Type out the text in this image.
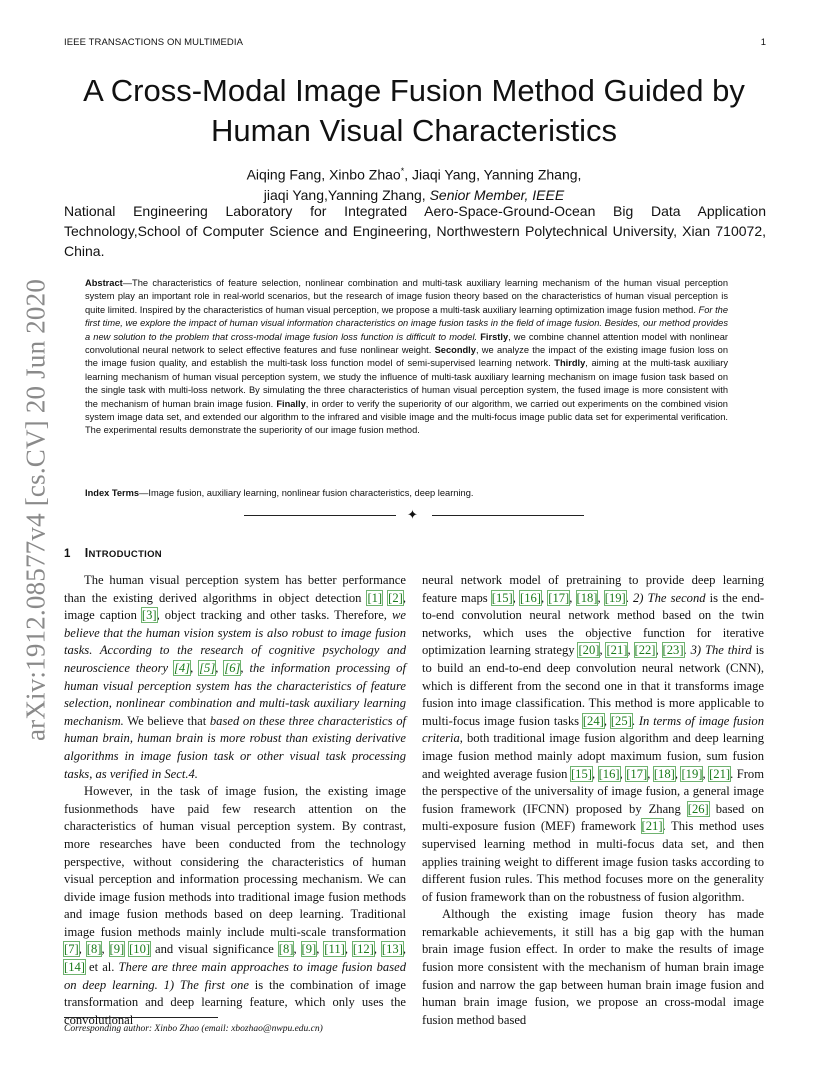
IEEE TRANSACTIONS ON MULTIMEDIA	1
arXiv:1912.08577v4 [cs.CV] 20 Jun 2020
A Cross-Modal Image Fusion Method Guided by Human Visual Characteristics
Aiqing Fang, Xinbo Zhao*, Jiaqi Yang, Yanning Zhang,
jiaqi Yang,Yanning Zhang, Senior Member, IEEE
National Engineering Laboratory for Integrated Aero-Space-Ground-Ocean Big Data Application Technology,School of Computer Science and Engineering, Northwestern Polytechnical University, Xian 710072, China.
Abstract—The characteristics of feature selection, nonlinear combination and multi-task auxiliary learning mechanism of the human visual perception system play an important role in real-world scenarios, but the research of image fusion theory based on the characteristics of human visual perception is quite limited. Inspired by the characteristics of human visual perception, we propose a multi-task auxiliary learning optimization image fusion method. For the first time, we explore the impact of human visual information characteristics on image fusion tasks in the field of image fusion. Besides, our method provides a new solution to the problem that cross-modal image fusion loss function is difficult to model. Firstly, we combine channel attention model with nonlinear convolutional neural network to select effective features and fuse nonlinear weight. Secondly, we analyze the impact of the existing image fusion loss on the image fusion quality, and establish the multi-task loss function model of semi-supervised learning network. Thirdly, aiming at the multi-task auxiliary learning mechanism of human visual perception system, we study the influence of multi-task auxiliary learning mechanism on image fusion task based on the single task with multi-loss network. By simulating the three characteristics of human visual perception system, the fused image is more consistent with the mechanism of human brain image fusion. Finally, in order to verify the superiority of our algorithm, we carried out experiments on the combined vision system image data set, and extended our algorithm to the infrared and visible image and the multi-focus image public data set for experimental verification. The experimental results demonstrate the superiority of our image fusion method.
Index Terms—Image fusion, auxiliary learning, nonlinear fusion characteristics, deep learning.
✦
1 INTRODUCTION

The human visual perception system has better performance than the existing derived algorithms in object detection [1] [2], image caption [3], object tracking and other tasks. Therefore, we believe that the human vision system is also robust to image fusion tasks. According to the research of cognitive psychology and neuroscience theory [4], [5], [6], the information processing of human visual perception system has the characteristics of feature selection, nonlinear combination and multi-task auxiliary learning mechanism. We believe that based on these three characteristics of human brain, human brain is more robust than existing derivative algorithms in image fusion task or other visual task processing tasks, as verified in Sect.4.

However, in the task of image fusion, the existing image fusionmethods have paid few research attention on the characteristics of human visual perception system. By contrast, more researches have been conducted from the technology perspective, without considering the characteristics of human visual perception and information processing mechanism. We can divide image fusion methods into traditional image fusion methods and image fusion methods based on deep learning. Traditional image fusion methods mainly include multi-scale transformation [7], [8], [9] [10] and visual significance [8], [9], [11], [12], [13], [14] et al. There are three main approaches to image fusion based on deep learning. 1) The first one is the combination of image transformation and deep learning feature, which only uses the convolutional

neural network model of pretraining to provide deep learning feature maps [15], [16], [17], [18], [19]. 2) The second is the end-to-end convolution neural network method based on the twin networks, which uses the objective function for iterative optimization learning strategy [20], [21], [22], [23]. 3) The third is to build an end-to-end deep convolution neural network (CNN), which is different from the second one in that it transforms image fusion into image classification. This method is more applicable to multi-focus image fusion tasks [24], [25]. In terms of image fusion criteria, both traditional image fusion algorithm and deep learning image fusion method mainly adopt maximum fusion, sum fusion and weighted average fusion [15], [16], [17], [18], [19], [21]. From the perspective of the universality of image fusion, a general image fusion framework (IFCNN) proposed by Zhang [26] based on multi-exposure fusion (MEF) framework [21]. This method uses supervised learning method in multi-focus data set, and then applies training weight to different image fusion tasks according to different fusion rules. This method focuses more on the generality of fusion framework than on the robustness of fusion algorithm.

Although the existing image fusion theory has made remarkable achievements, it still has a big gap with the human brain image fusion effect. In order to make the results of image fusion more consistent with the mechanism of human brain image fusion and narrow the gap between human brain image fusion and human brain image fusion, we propose an cross-modal image fusion method based

Corresponding author: Xinbo Zhao (email: xbozhao@nwpu.edu.cn)
